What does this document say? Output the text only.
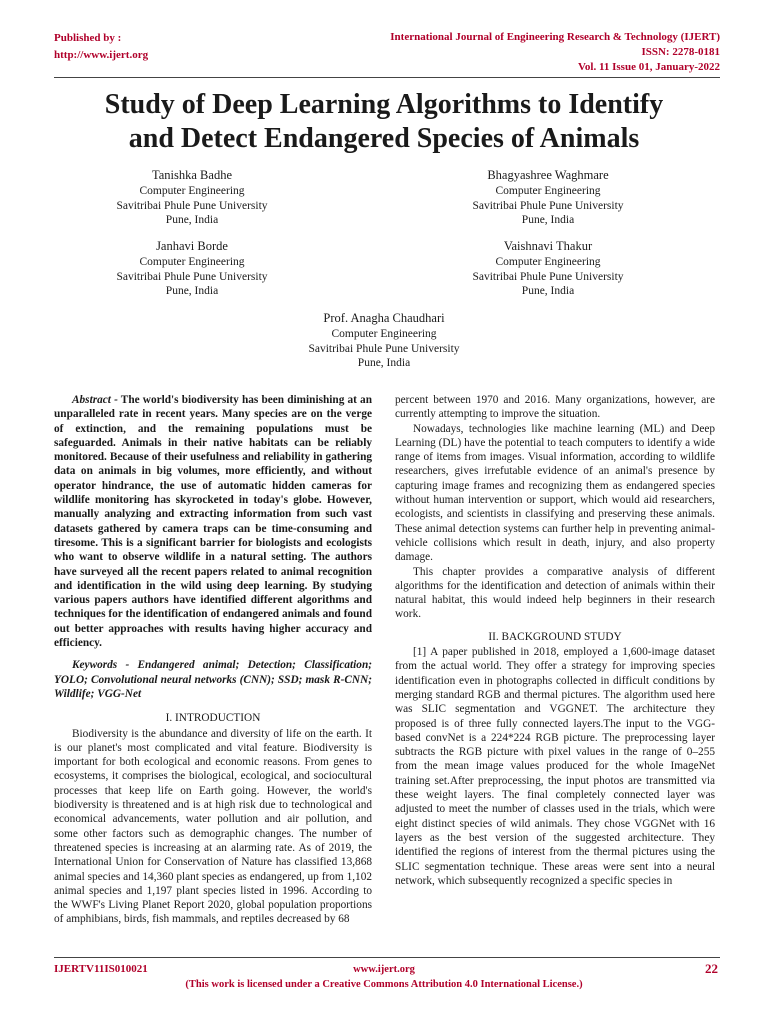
Published by :
http://www.ijert.org
International Journal of Engineering Research & Technology (IJERT)
ISSN: 2278-0181
Vol. 11 Issue 01, January-2022
Study of Deep Learning Algorithms to Identify
and Detect Endangered Species of Animals
Tanishka Badhe
Computer Engineering
Savitribai Phule Pune University
Pune, India
Bhagyashree Waghmare
Computer Engineering
Savitribai Phule Pune University
Pune, India
Janhavi Borde
Computer Engineering
Savitribai Phule Pune University
Pune, India
Vaishnavi Thakur
Computer Engineering
Savitribai Phule Pune University
Pune, India
Prof. Anagha Chaudhari
Computer Engineering
Savitribai Phule Pune University
Pune, India

Abstract - The world's biodiversity has been diminishing at an unparalleled rate in recent years. Many species are on the verge of extinction, and the remaining populations must be safeguarded. Animals in their native habitats can be reliably monitored. Because of their usefulness and reliability in gathering data on animals in big volumes, more efficiently, and without operator hindrance, the use of automatic hidden cameras for wildlife monitoring has skyrocketed in today's globe. However, manually analyzing and extracting information from such vast datasets gathered by camera traps can be time-consuming and tiresome. This is a significant barrier for biologists and ecologists who want to observe wildlife in a natural setting. The authors have surveyed all the recent papers related to animal recognition and identification in the wild using deep learning. By studying various papers authors have identified different algorithms and techniques for the identification of endangered animals and found out better approaches with results having higher accuracy and efficiency.

Keywords - Endangered animal; Detection; Classification; YOLO; Convolutional neural networks (CNN); SSD; mask R-CNN; Wildlife; VGG-Net

I. INTRODUCTION

Biodiversity is the abundance and diversity of life on the earth. It is our planet's most complicated and vital feature. Biodiversity is important for both ecological and economic reasons. From genes to ecosystems, it comprises the biological, ecological, and sociocultural processes that keep life on Earth going. However, the world's biodiversity is threatened and is at high risk due to technological and economical advancements, water pollution and air pollution, and some other factors such as demographic changes. The number of threatened species is increasing at an alarming rate. As of 2019, the International Union for Conservation of Nature has classified 13,868 animal species and 14,360 plant species as endangered, up from 1,102 animal species and 1,197 plant species listed in 1996. According to the WWF's Living Planet Report 2020, global population proportions of amphibians, birds, fish mammals, and reptiles decreased by 68

percent between 1970 and 2016. Many organizations, however, are currently attempting to improve the situation.

Nowadays, technologies like machine learning (ML) and Deep Learning (DL) have the potential to teach computers to identify a wide range of items from images. Visual information, according to wildlife researchers, gives irrefutable evidence of an animal's presence by capturing image frames and recognizing them as endangered species without human intervention or support, which would aid researchers, ecologists, and scientists in classifying and preserving these animals. These animal detection systems can further help in preventing animal-vehicle collisions which result in death, injury, and also property damage.

This chapter provides a comparative analysis of different algorithms for the identification and detection of animals within their natural habitat, this would indeed help beginners in their research work.

II. BACKGROUND STUDY

[1] A paper published in 2018, employed a 1,600-image dataset from the actual world. They offer a strategy for improving species identification even in photographs collected in difficult conditions by merging standard RGB and thermal pictures. The algorithm used here was SLIC segmentation and VGGNET. The architecture they proposed is of three fully connected layers.The input to the VGG-based convNet is a 224*224 RGB picture. The preprocessing layer subtracts the RGB picture with pixel values in the range of 0–255 from the mean image values produced for the whole ImageNet training set.After preprocessing, the input photos are transmitted via these weight layers. The final completely connected layer was adjusted to meet the number of classes used in the trials, which were eight distinct species of wild animals. They chose VGGNet with 16 layers as the best version of the suggested architecture. They identified the regions of interest from the thermal pictures using the SLIC segmentation technique. These areas were sent into a neural network, which subsequently recognized a specific species in

IJERTV11IS010021	www.ijert.org
(This work is licensed under a Creative Commons Attribution 4.0 International License.)
22
